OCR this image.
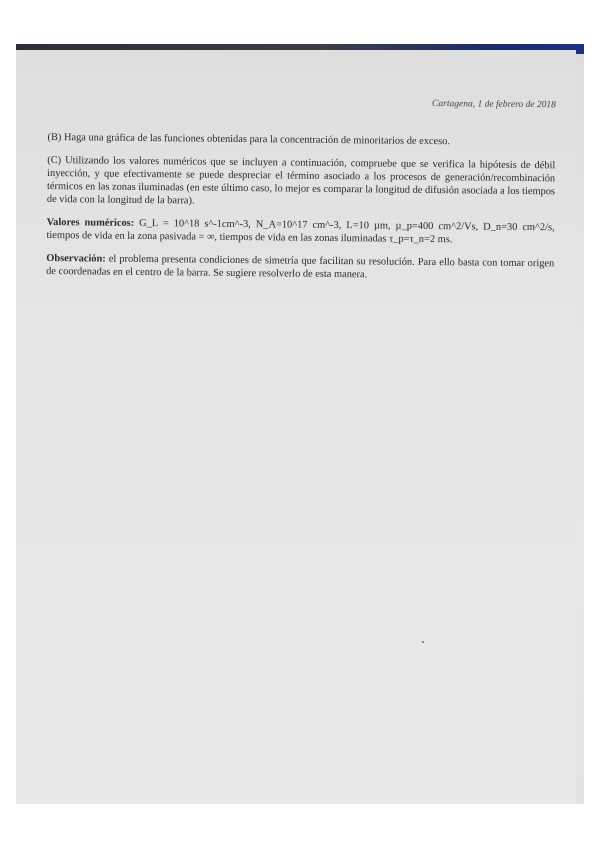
Cartagena, 1 de febrero de 2018

(B) Haga una gráfica de las funciones obtenidas para la concentración de minoritarios de exceso.

(C) Utilizando los valores numéricos que se incluyen a continuación, compruebe que se verifica la hipótesis de débil inyección, y que efectivamente se puede despreciar el término asociado a los procesos de generación/recombinación térmicos en las zonas iluminadas (en este último caso, lo mejor es comparar la longitud de difusión asociada a los tiempos de vida con la longitud de la barra).

Valores numéricos: G_L = 10^18 s^-1cm^-3, N_A=10^17 cm^-3, L=10 µm, µ_p=400 cm^2/Vs, D_n=30 cm^2/s, tiempos de vida en la zona pasivada = ∞, tiempos de vida en las zonas iluminadas τ_p=τ_n=2 ms.

Observación: el problema presenta condiciones de simetría que facilitan su resolución. Para ello basta con tomar origen de coordenadas en el centro de la barra. Se sugiere resolverlo de esta manera.
